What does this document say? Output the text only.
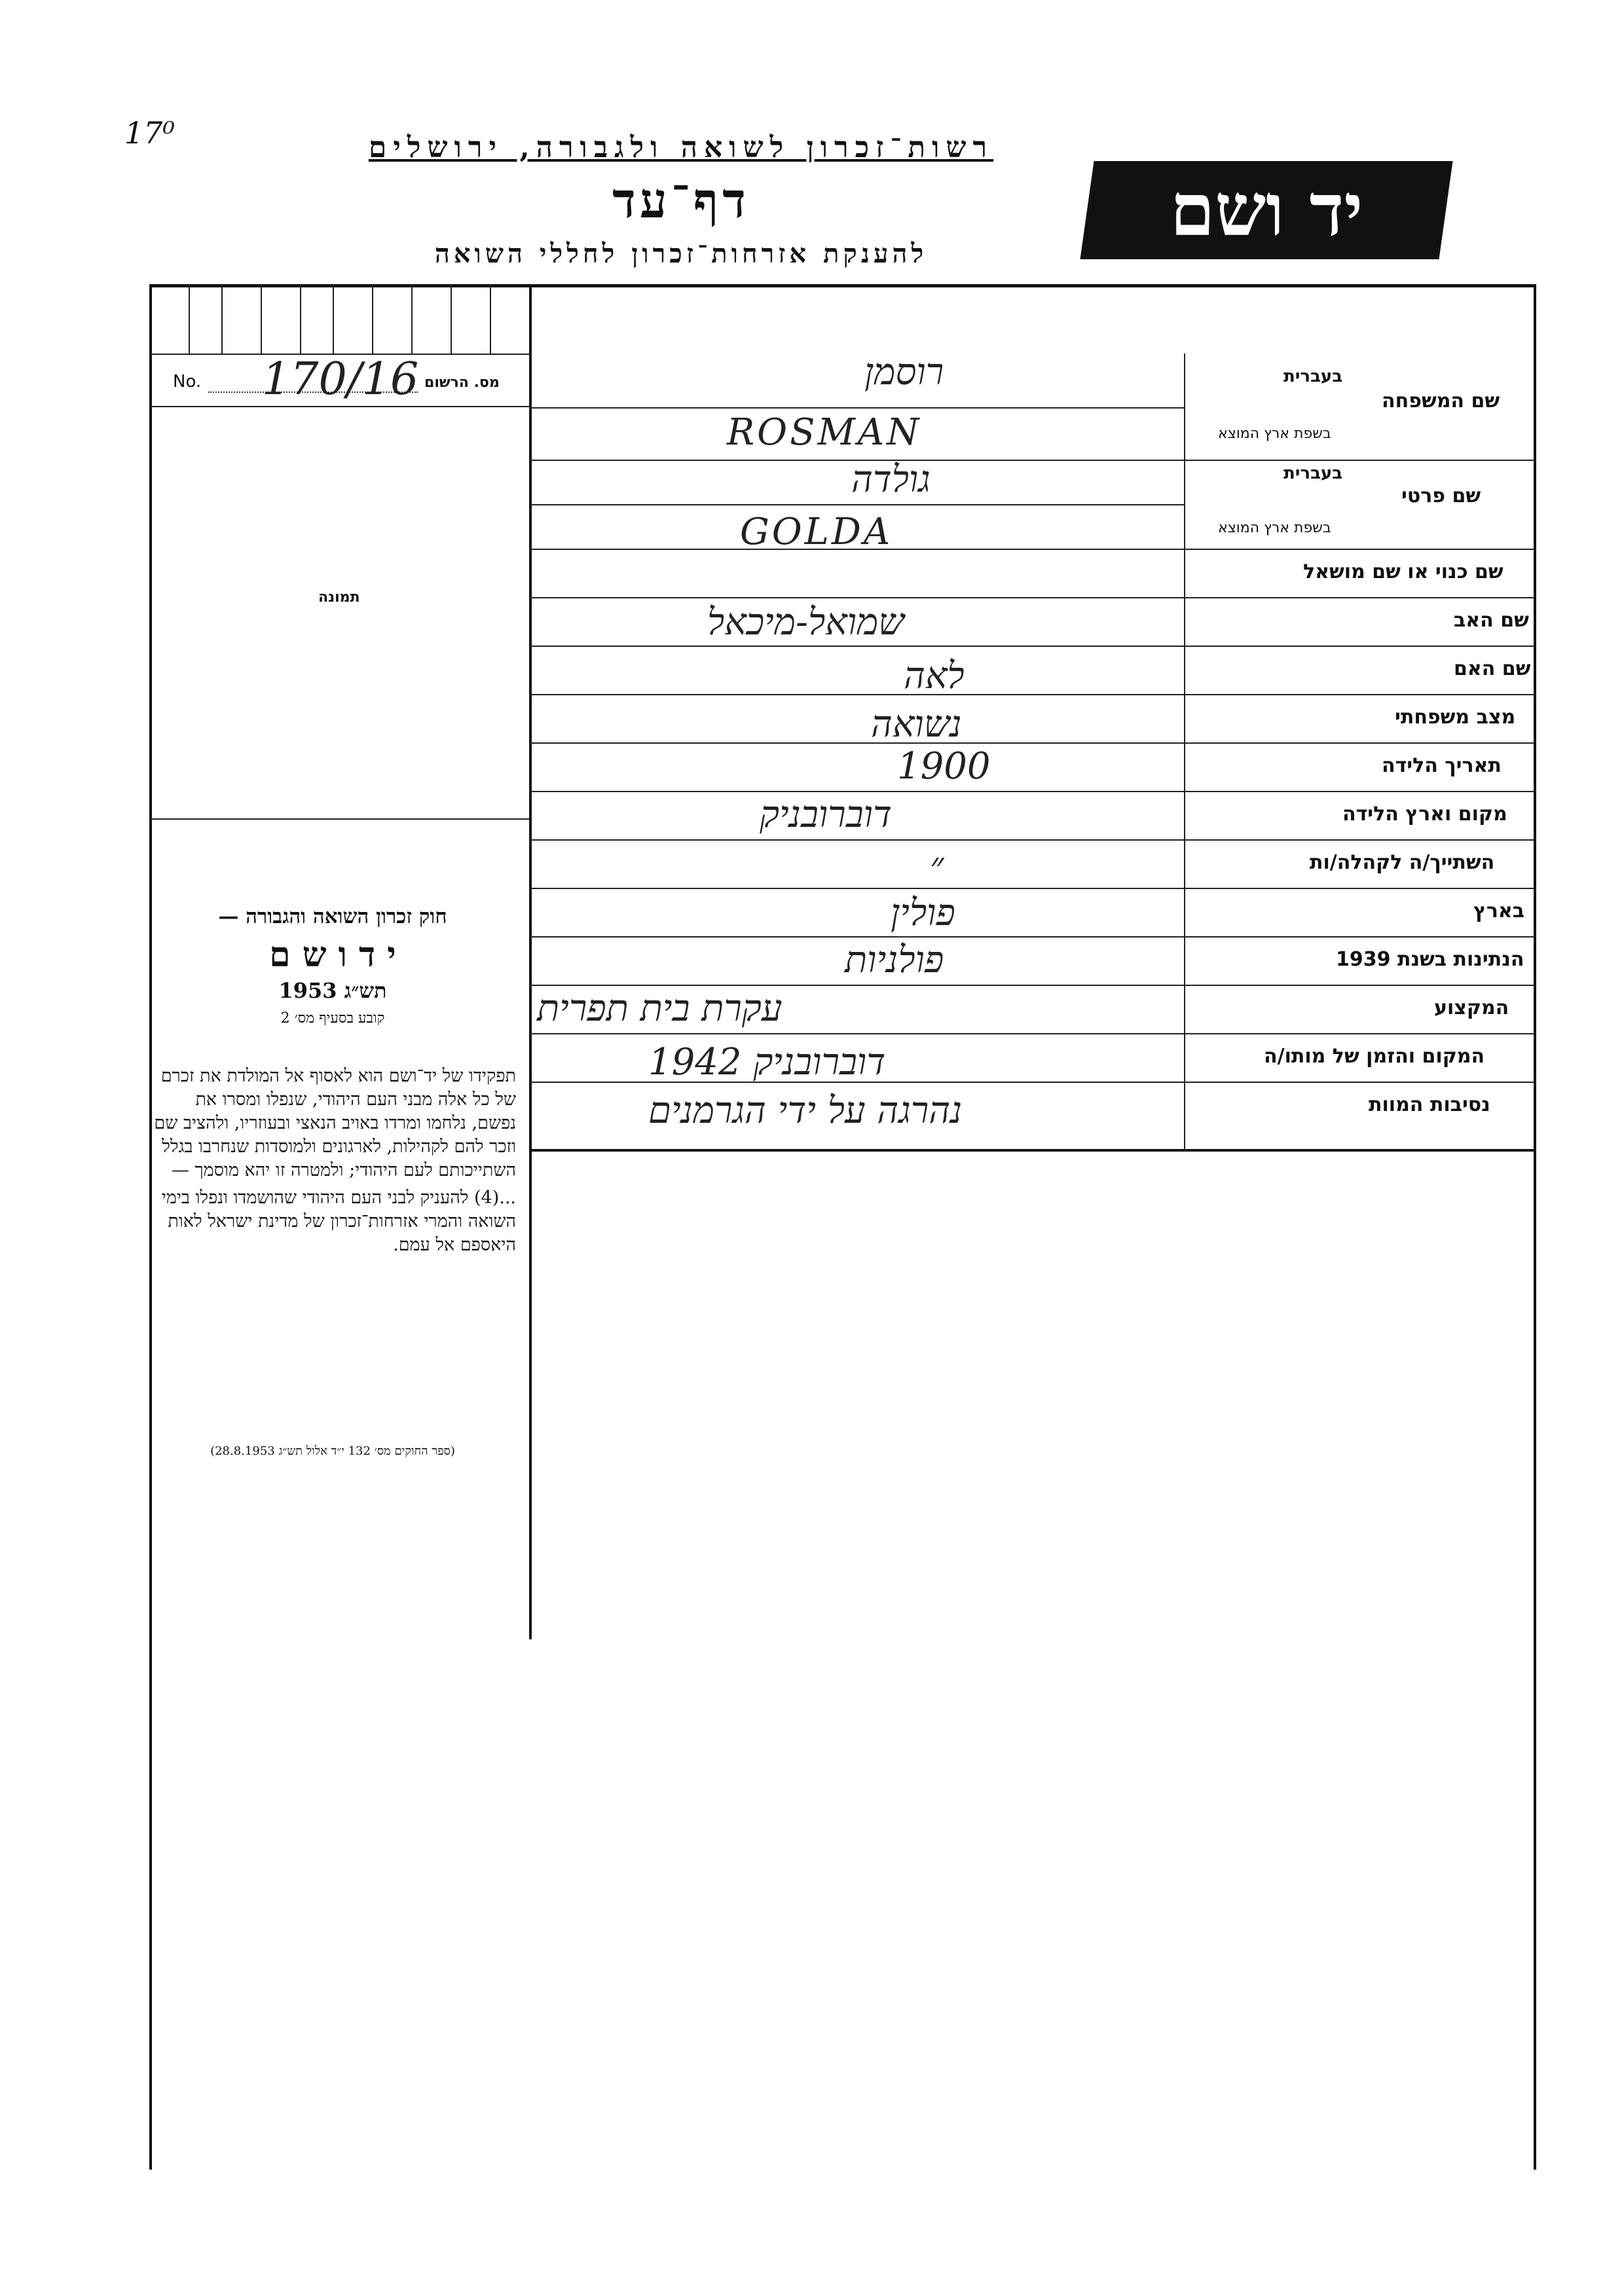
17⁰	רשות־זכרון לשואה ולגבורה, ירושלים
דף־עד
להענקת אזרחות־זכרון לחללי השואה
יד ושם
No. 170/16 מס. הרשום
תמונה
שם המשפחה
בעברית
בשפת ארץ המוצא
שם פרטי
בעברית
בשפת ארץ המוצא
שם כנוי או שם מושאל
שם האב
שם האם
מצב משפחתי
תאריך הלידה
מקום וארץ הלידה
השתייך/ה לקהלה/ות
בארץ
הנתינות בשנת 1939
המקצוע
המקום והזמן של מותו/ה
נסיבות המוות
רוסמן
ROSMAN
גולדה
GOLDA
שמואל-מיכאל
לאה
נשואה
1900
דוברובניק
״
פולין
פולניות
עקרת בית תפרית
דוברובניק 1942
נהרגה על ידי הגרמנים
חוק זכרון השואה והגבורה —
י ד ו ש ם
תש״ג 1953
קובע בסעיף מס׳ 2

תפקידו של יד־ושם הוא לאסוף אל המולדת את זכרם של כל אלה מבני העם היהודי, שנפלו ומסרו את נפשם, נלחמו ומרדו באויב הנאצי ובעוזריו, ולהציב שם וזכר להם לקהילות, לארגונים ולמוסדות שנחרבו בגלל השתייכותם לעם היהודי; ולמטרה זו יהא מוסמך —

...(4) להעניק לבני העם היהודי שהושמדו ונפלו בימי השואה והמרי אזרחות־זכרון של מדינת ישראל לאות היאספם אל עמם.

(ספר החוקים מס׳ 132 י״ד אלול תש״ג 28.8.1953)
